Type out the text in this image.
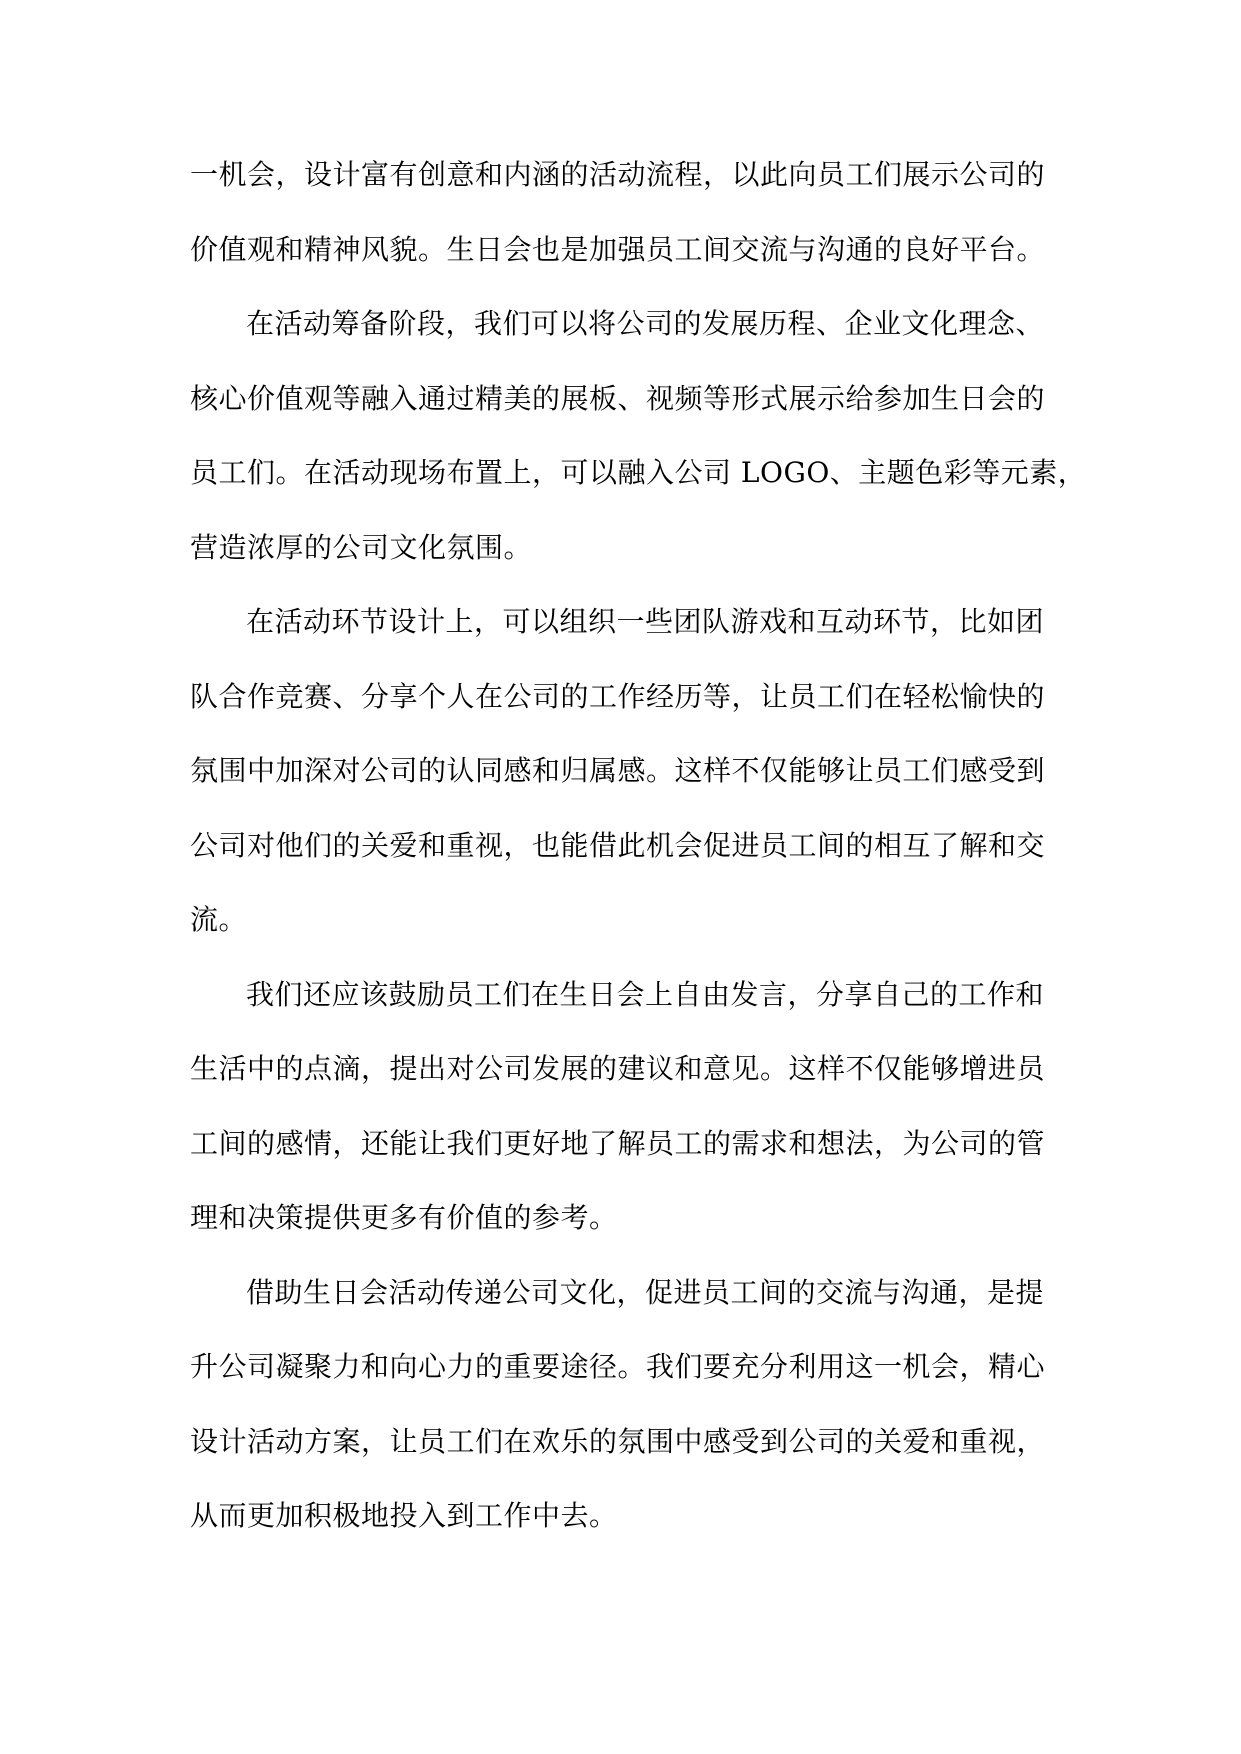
一机会，设计富有创意和内涵的活动流程，以此向员工们展示公司的
价值观和精神风貌。生日会也是加强员工间交流与沟通的良好平台。
在活动筹备阶段，我们可以将公司的发展历程、企业文化理念、
核心价值观等融入通过精美的展板、视频等形式展示给参加生日会的
员工们。在活动现场布置上，可以融入公司 LOGO、主题色彩等元素，
营造浓厚的公司文化氛围。
在活动环节设计上，可以组织一些团队游戏和互动环节，比如团
队合作竞赛、分享个人在公司的工作经历等，让员工们在轻松愉快的
氛围中加深对公司的认同感和归属感。这样不仅能够让员工们感受到
公司对他们的关爱和重视，也能借此机会促进员工间的相互了解和交
流。
我们还应该鼓励员工们在生日会上自由发言，分享自己的工作和
生活中的点滴，提出对公司发展的建议和意见。这样不仅能够增进员
工间的感情，还能让我们更好地了解员工的需求和想法，为公司的管
理和决策提供更多有价值的参考。
借助生日会活动传递公司文化，促进员工间的交流与沟通，是提
升公司凝聚力和向心力的重要途径。我们要充分利用这一机会，精心
设计活动方案，让员工们在欢乐的氛围中感受到公司的关爱和重视，
从而更加积极地投入到工作中去。
